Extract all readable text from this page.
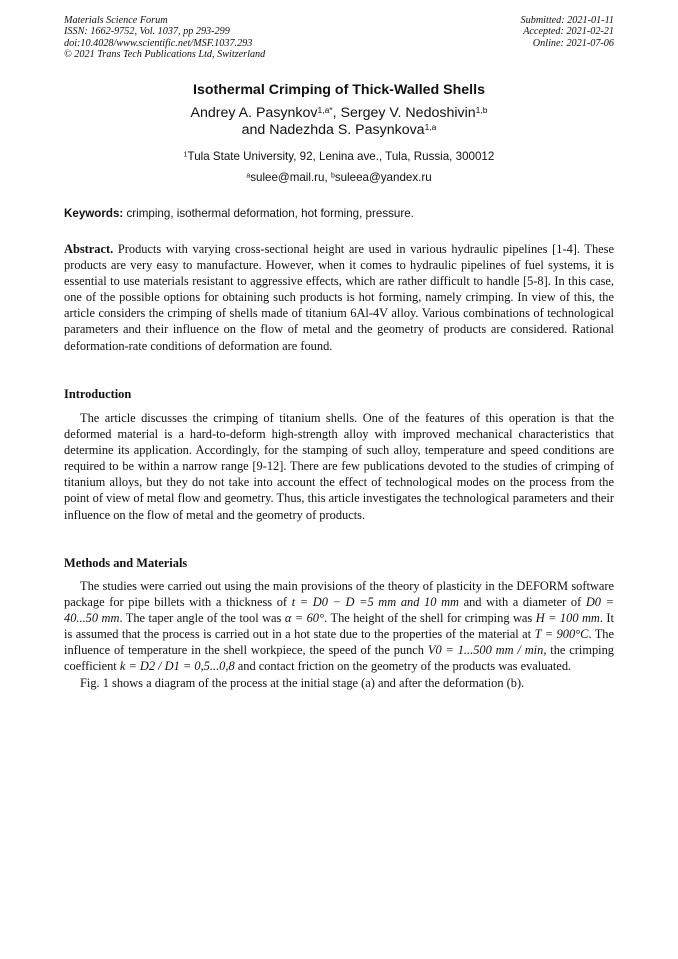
Materials Science Forum
ISSN: 1662-9752, Vol. 1037, pp 293-299
doi:10.4028/www.scientific.net/MSF.1037.293
© 2021 Trans Tech Publications Ltd, Switzerland
Submitted: 2021-01-11
Accepted: 2021-02-21
Online: 2021-07-06
Isothermal Crimping of Thick-Walled Shells
Andrey A. Pasynkov$^{1,a*}$, Sergey V. Nedoshivin$^{1,b}$
and Nadezhda S. Pasynkova$^{1,a}$
$^1$Tula State University, 92, Lenina ave., Tula, Russia, 300012
$^a$sulee@mail.ru, $^b$suleea@yandex.ru
Keywords: crimping, isothermal deformation, hot forming, pressure.

Abstract. Products with varying cross-sectional height are used in various hydraulic pipelines [1-4]. These products are very easy to manufacture. However, when it comes to hydraulic pipelines of fuel systems, it is essential to use materials resistant to aggressive effects, which are rather difficult to handle [5-8]. In this case, one of the possible options for obtaining such products is hot forming, namely crimping. In view of this, the article considers the crimping of shells made of titanium 6Al-4V alloy. Various combinations of technological parameters and their influence on the flow of metal and the geometry of products are considered. Rational deformation-rate conditions of deformation are found.

Introduction

The article discusses the crimping of titanium shells. One of the features of this operation is that the deformed material is a hard-to-deform high-strength alloy with improved mechanical characteristics that determine its application. Accordingly, for the stamping of such alloy, temperature and speed conditions are required to be within a narrow range [9-12]. There are few publications devoted to the studies of crimping of titanium alloys, but they do not take into account the effect of technological modes on the process from the point of view of metal flow and geometry. Thus, this article investigates the technological parameters and their influence on the flow of metal and the geometry of products.

Methods and Materials

The studies were carried out using the main provisions of the theory of plasticity in the DEFORM software package for pipe billets with a thickness of t = D0 − D =5 mm and 10 mm and with a diameter of D0 = 40...50 mm. The taper angle of the tool was α = 60°. The height of the shell for crimping was H = 100 mm. It is assumed that the process is carried out in a hot state due to the properties of the material at T = 900°C. The influence of temperature in the shell workpiece, the speed of the punch V0 = 1...500 mm / min, the crimping coefficient k = D2 / D1 = 0,5...0,8 and contact friction on the geometry of the products was evaluated.

Fig. 1 shows a diagram of the process at the initial stage (a) and after the deformation (b).
